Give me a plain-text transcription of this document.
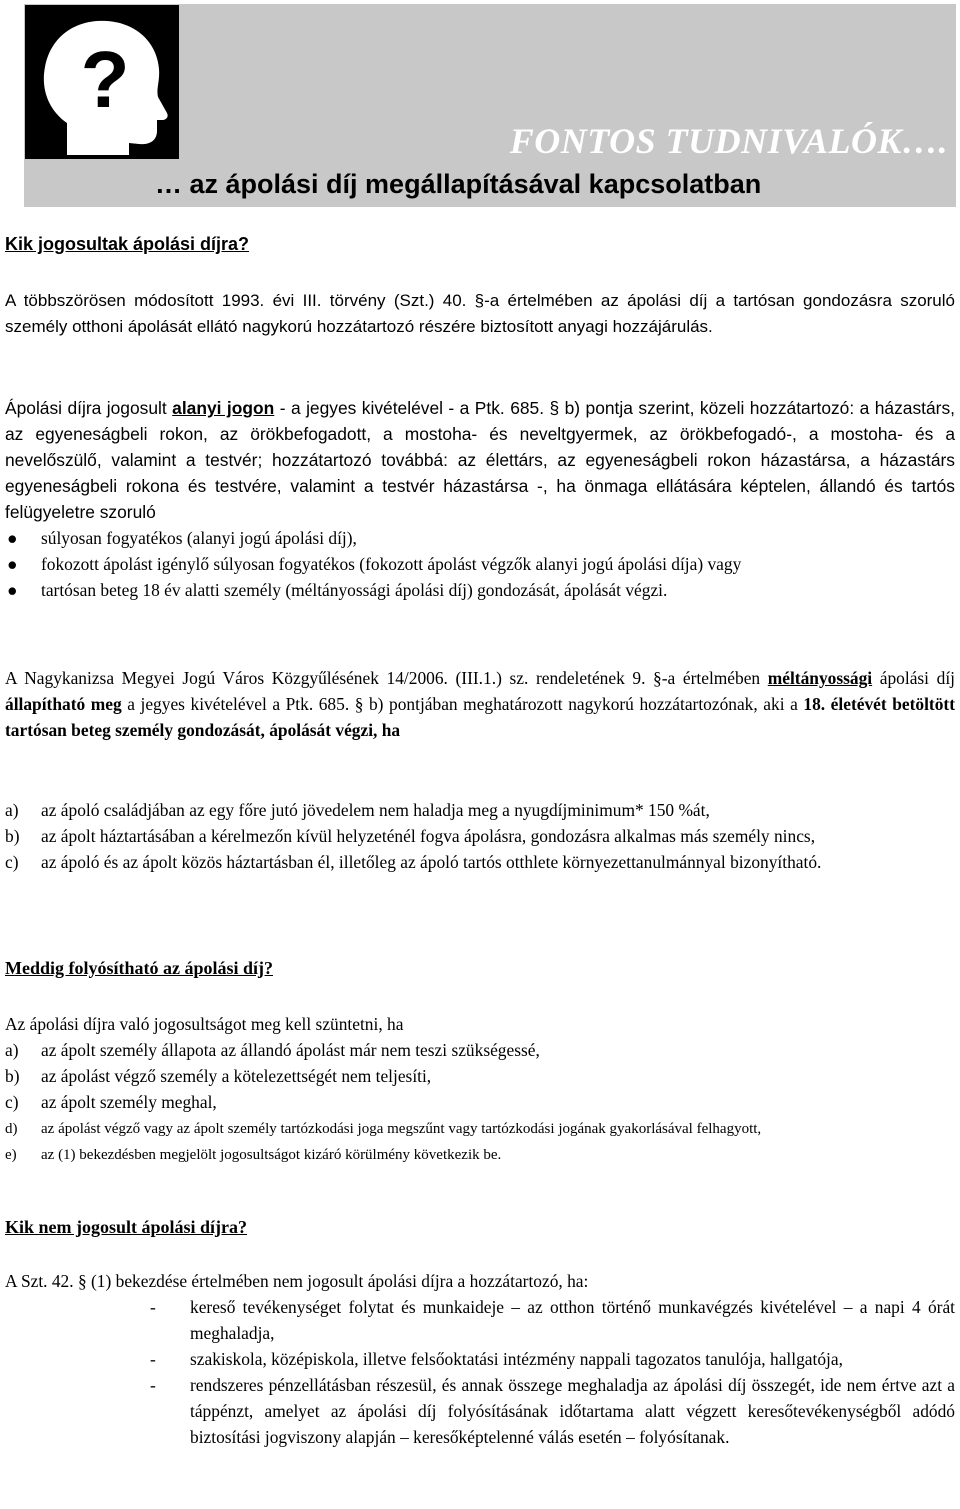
?
FONTOS TUDNIVALÓK….
… az ápolási díj megállapításával kapcsolatban
Kik jogosultak ápolási díjra?

A többszörösen módosított 1993. évi III. törvény (Szt.) 40. §-a értelmében az ápolási díj a tartósan gondozásra szoruló személy otthoni ápolását ellátó nagykorú hozzátartozó részére biztosított anyagi hozzájárulás.

Ápolási díjra jogosult alanyi jogon - a jegyes kivételével - a Ptk. 685. § b) pontja szerint, közeli hozzátartozó: a házastárs, az egyeneságbeli rokon, az örökbefogadott, a mostoha- és neveltgyermek, az örökbefogadó-, a mostoha- és a nevelőszülő, valamint a testvér; hozzátartozó továbbá: az élettárs, az egyeneságbeli rokon házastársa, a házastárs egyeneságbeli rokona és testvére, valamint a testvér házastársa -, ha önmaga ellátására képtelen, állandó és tartós felügyeletre szoruló

● súlyosan fogyatékos (alanyi jogú ápolási díj),
● fokozott ápolást igénylő súlyosan fogyatékos (fokozott ápolást végzők alanyi jogú ápolási díja) vagy
● tartósan beteg 18 év alatti személy (méltányossági ápolási díj) gondozását, ápolását végzi.

A Nagykanizsa Megyei Jogú Város Közgyűlésének 14/2006. (III.1.) sz. rendeletének 9. §-a értelmében méltányossági ápolási díj állapítható meg a jegyes kivételével a Ptk. 685. § b) pontjában meghatározott nagykorú hozzátartozónak, aki a 18. életévét betöltött tartósan beteg személy gondozását, ápolását végzi, ha

a) az ápoló családjában az egy főre jutó jövedelem nem haladja meg a nyugdíjminimum* 150 %át,
b) az ápolt háztartásában a kérelmezőn kívül helyzeténél fogva ápolásra, gondozásra alkalmas más személy nincs,
c) az ápoló és az ápolt közös háztartásban él, illetőleg az ápoló tartós otthlete környezettanulmánnyal bizonyítható.
Meddig folyósítható az ápolási díj?

Az ápolási díjra való jogosultságot meg kell szüntetni, ha

a) az ápolt személy állapota az állandó ápolást már nem teszi szükségessé,
b) az ápolást végző személy a kötelezettségét nem teljesíti,
c) az ápolt személy meghal,
d) az ápolást végző vagy az ápolt személy tartózkodási joga megszűnt vagy tartózkodási jogának gyakorlásával felhagyott,
e) az (1) bekezdésben megjelölt jogosultságot kizáró körülmény következik be.
Kik nem jogosult ápolási díjra?

A Szt. 42. § (1) bekezdése értelmében nem jogosult ápolási díjra a hozzátartozó, ha:

- kereső tevékenységet folytat és munkaideje – az otthon történő munkavégzés kivételével – a napi 4 órát meghaladja,
- szakiskola, középiskola, illetve felsőoktatási intézmény nappali tagozatos tanulója, hallgatója,
- rendszeres pénzellátásban részesül, és annak összege meghaladja az ápolási díj összegét, ide nem értve azt a táppénzt, amelyet az ápolási díj folyósításának időtartama alatt végzett keresőtevékenységből adódó biztosítási jogviszony alapján – keresőképtelenné válás esetén – folyósítanak.
